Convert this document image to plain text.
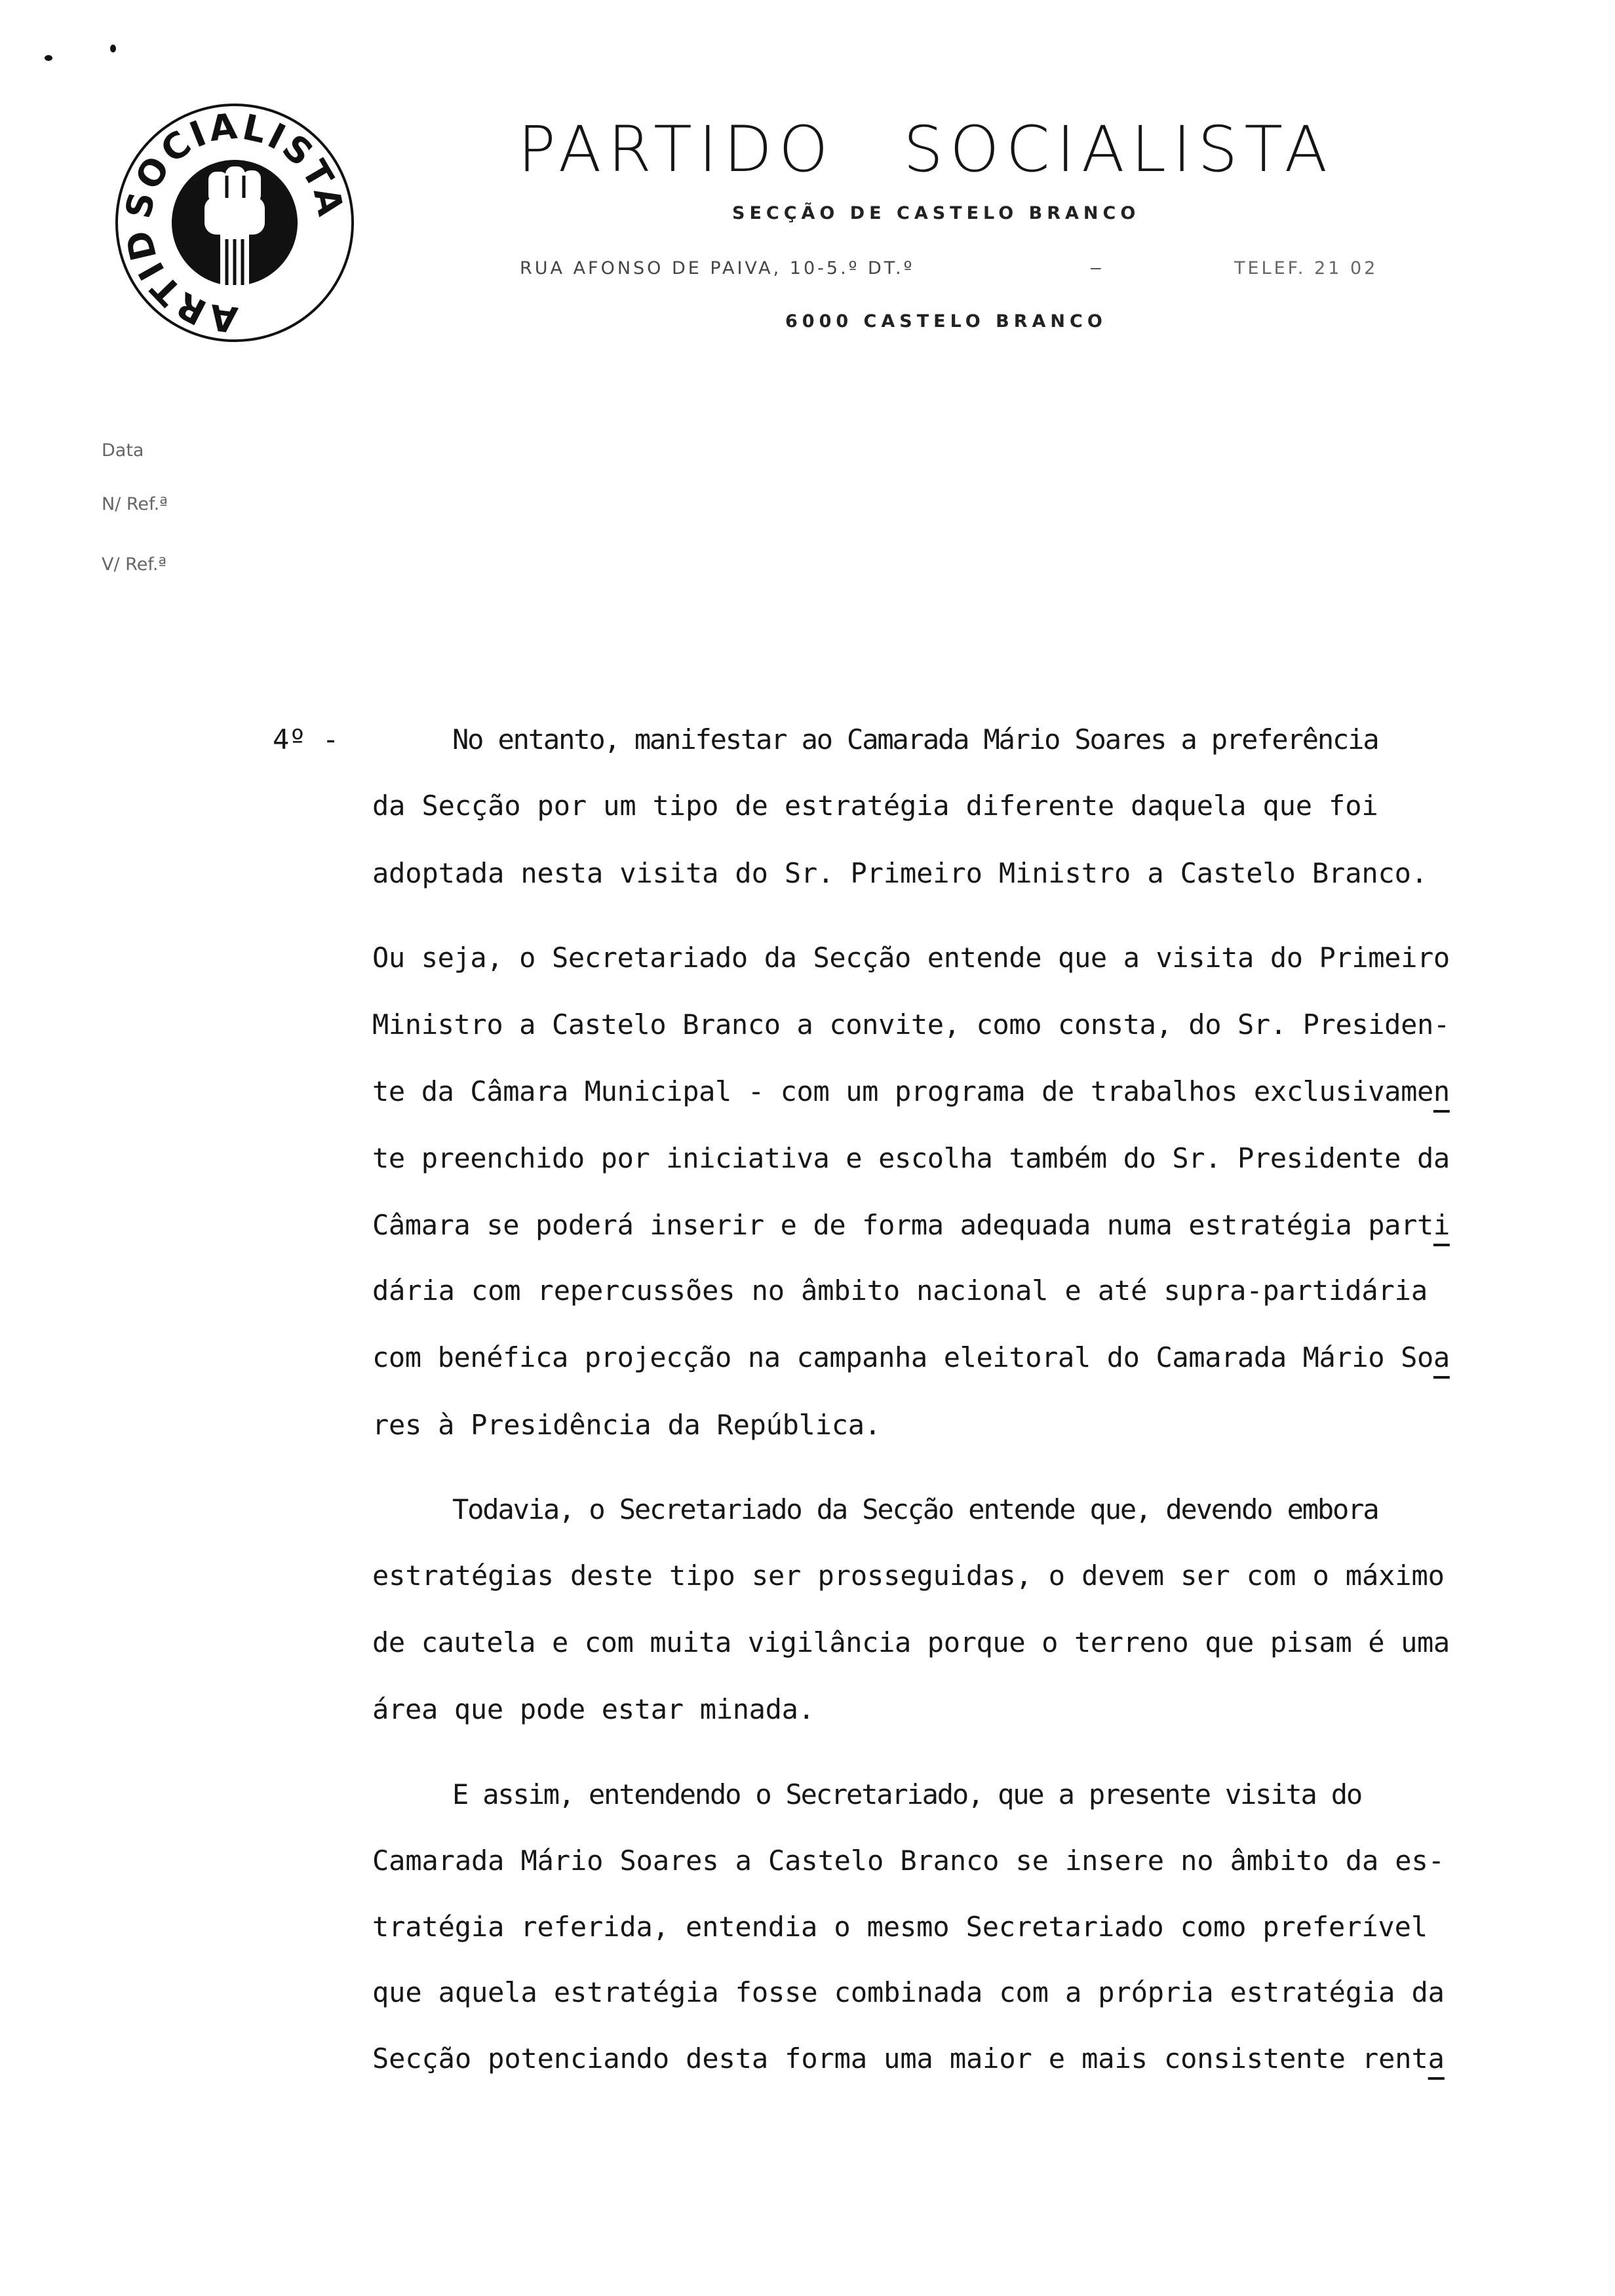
SOCIALISTA
ARTID
PARTIDO SOCIALISTA
SECÇÃO DE CASTELO BRANCO
RUA AFONSO DE PAIVA, 10-5.º DT.º	–	TELEF. 21 02
6000 CASTELO BRANCO
Data
N/ Ref.ª
V/ Ref.ª
4º -	No entanto, manifestar ao Camarada Mário Soares a preferência
da Secção por um tipo de estratégia diferente daquela que foi
adoptada nesta visita do Sr. Primeiro Ministro a Castelo Branco.
Ou seja, o Secretariado da Secção entende que a visita do Primeiro
Ministro a Castelo Branco a convite, como consta, do Sr. Presiden-
te da Câmara Municipal - com um programa de trabalhos exclusivamen
te preenchido por iniciativa e escolha também do Sr. Presidente da
Câmara se poderá inserir e de forma adequada numa estratégia parti
dária com repercussões no âmbito nacional e até supra-partidária
com benéfica projecção na campanha eleitoral do Camarada Mário Soa
res à Presidência da República.
Todavia, o Secretariado da Secção entende que, devendo embora
estratégias deste tipo ser prosseguidas, o devem ser com o máximo
de cautela e com muita vigilância porque o terreno que pisam é uma
área que pode estar minada.
E assim, entendendo o Secretariado, que a presente visita do
Camarada Mário Soares a Castelo Branco se insere no âmbito da es-
tratégia referida, entendia o mesmo Secretariado como preferível
que aquela estratégia fosse combinada com a própria estratégia da
Secção potenciando desta forma uma maior e mais consistente renta
